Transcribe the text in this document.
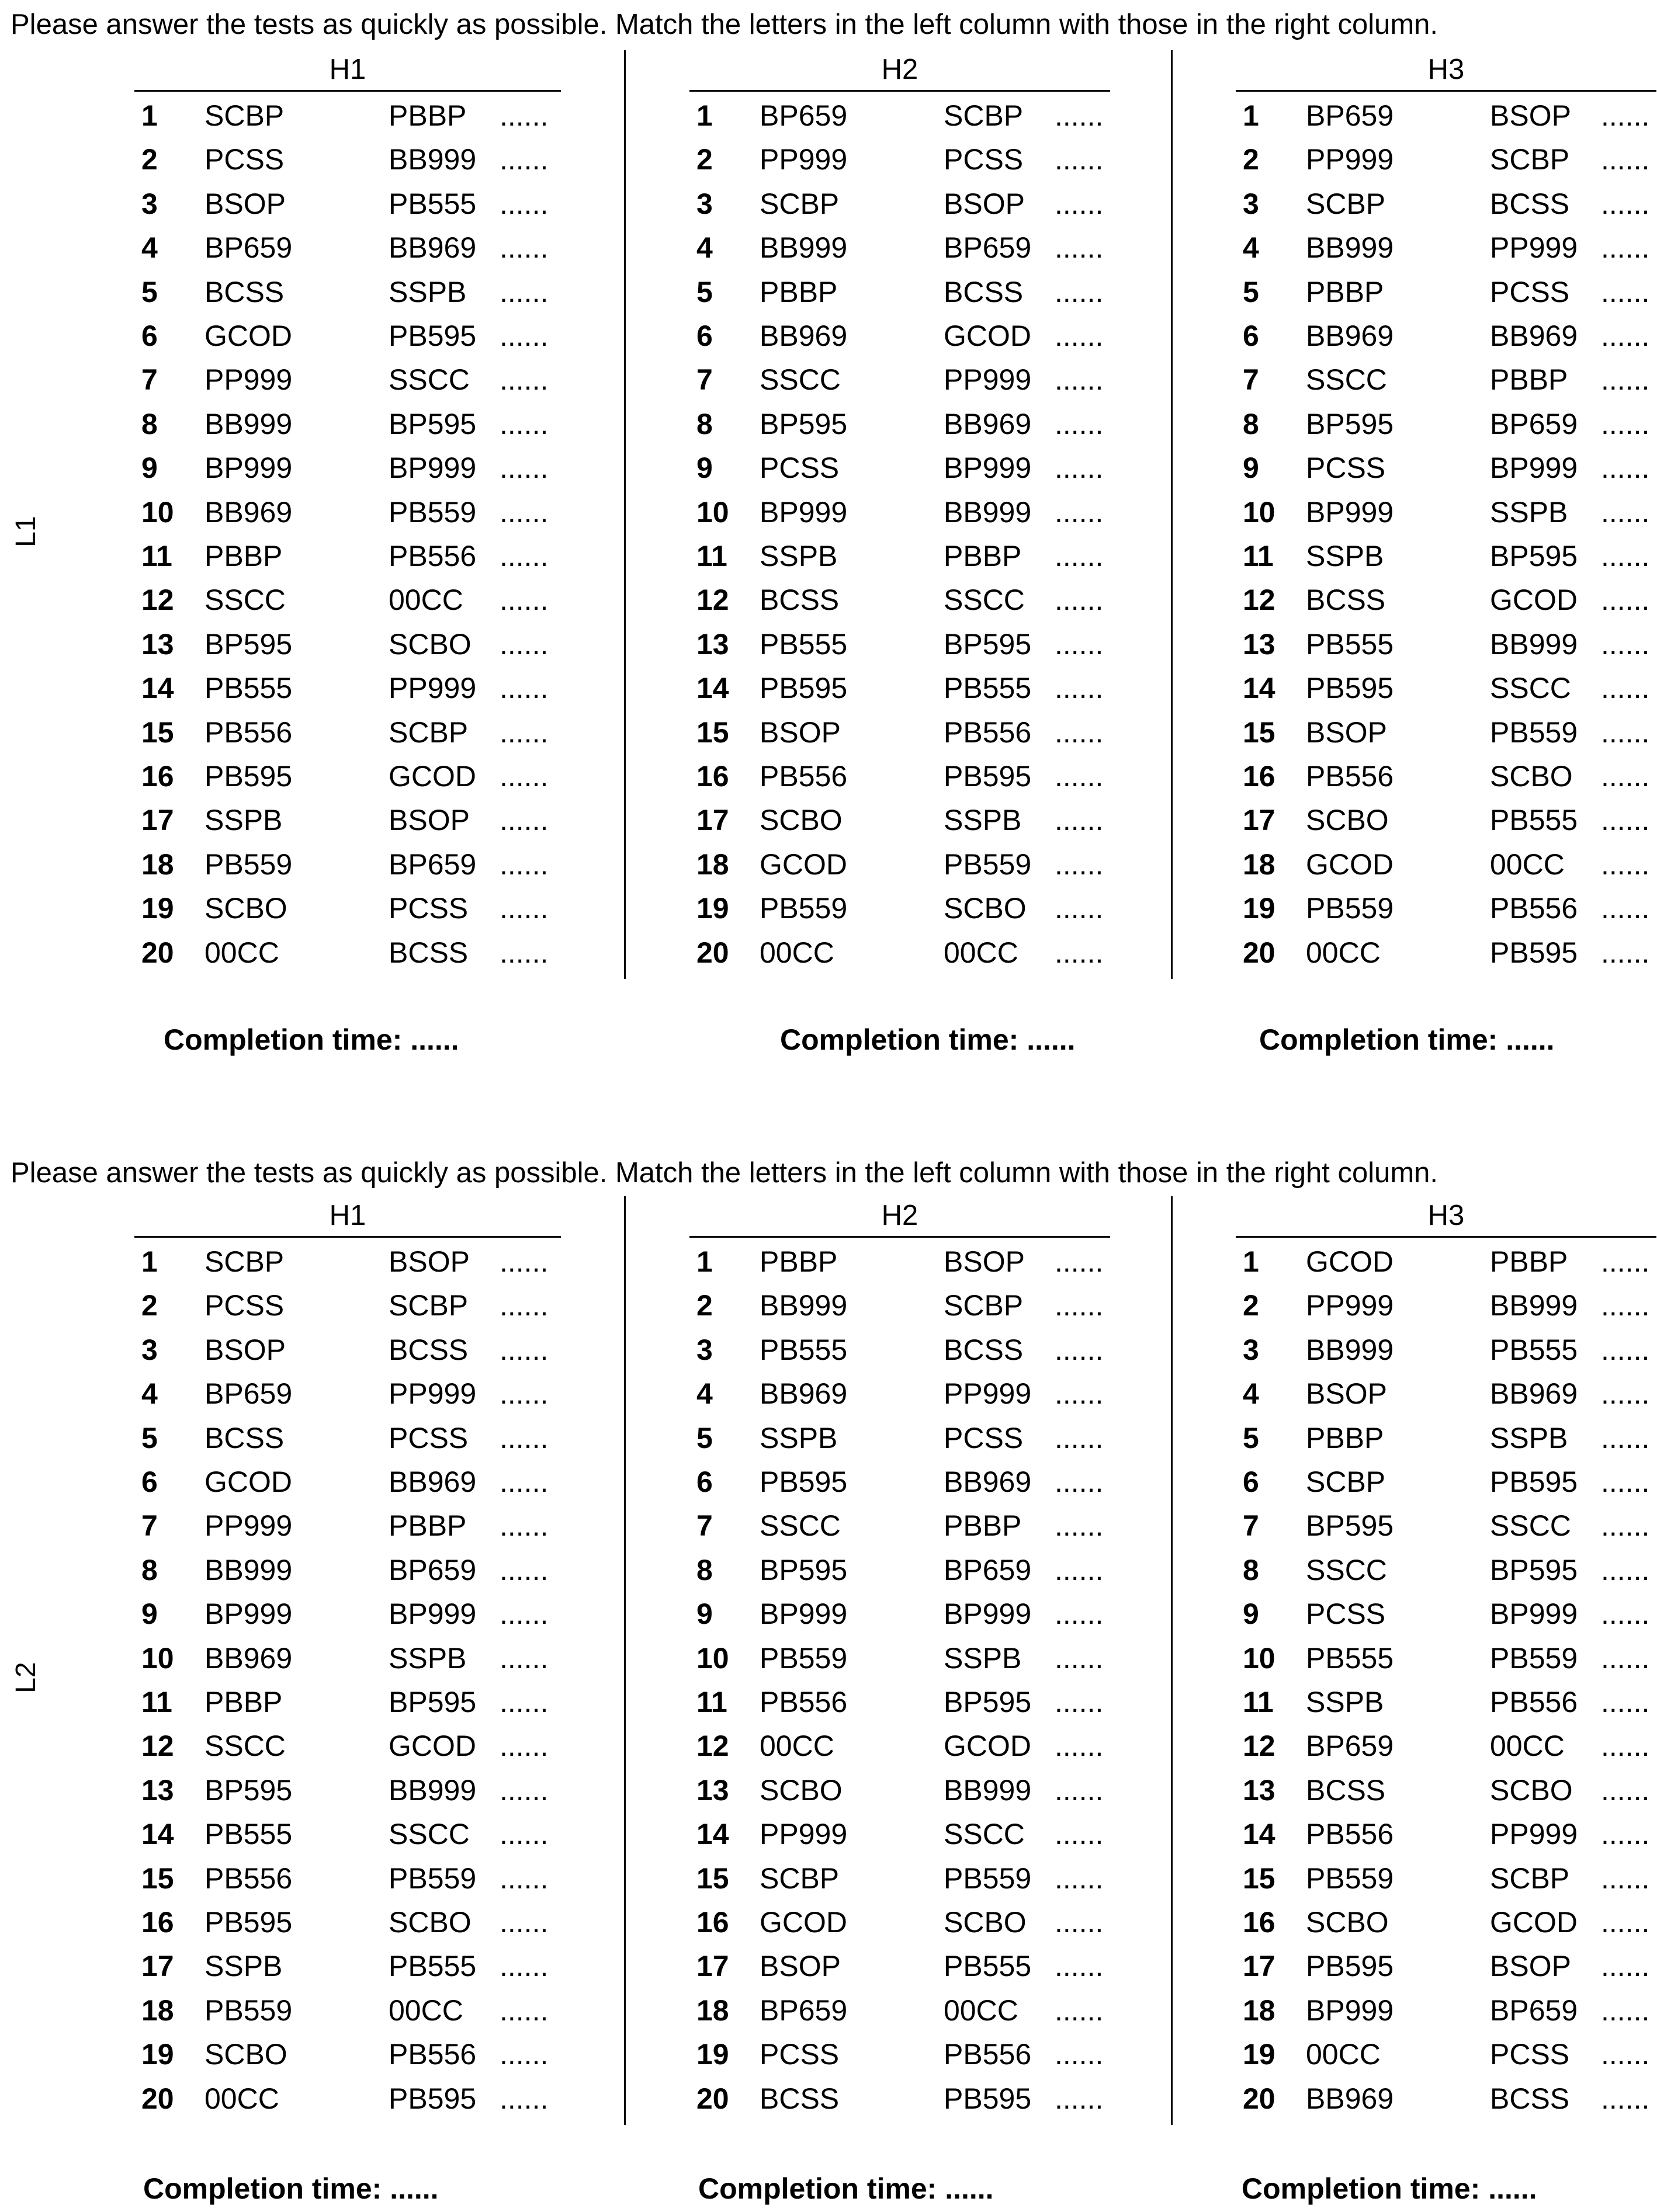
Please answer the tests as quickly as possible. Match the letters in the left column with those in the right column.

L1
H1
1 SCBP	PBBP ......
2 PCSS	BB999 ......
3 BSOP	PB555 ......
4 BP659	BB969 ......
5 BCSS	SSPB ......
6 GCOD	PB595 ......
7 PP999	SSCC ......
8 BB999	BP595 ......
9 BP999	BP999 ......
10 BB969	PB559 ......
11 PBBP	PB556 ......
12 SSCC	00CC ......
13 BP595	SCBO ......
14 PB555	PP999 ......
15 PB556	SCBP ......
16 PB595	GCOD ......
17 SSPB	BSOP ......
18 PB559	BP659 ......
19 SCBO	PCSS ......
20 00CC	BCSS ......
Completion time: ......
H2
1 BP659	SCBP ......
2 PP999	PCSS ......
3 SCBP	BSOP ......
4 BB999	BP659 ......
5 PBBP	BCSS ......
6 BB969	GCOD ......
7 SSCC	PP999 ......
8 BP595	BB969 ......
9 PCSS	BP999 ......
10 BP999	BB999 ......
11 SSPB	PBBP ......
12 BCSS	SSCC ......
13 PB555	BP595 ......
14 PB595	PB555 ......
15 BSOP	PB556 ......
16 PB556	PB595 ......
17 SCBO	SSPB ......
18 GCOD	PB559 ......
19 PB559	SCBO ......
20 00CC	00CC ......
Completion time: ......
H3
1 BP659	BSOP ......
2 PP999	SCBP ......
3 SCBP	BCSS ......
4 BB999	PP999 ......
5 PBBP	PCSS ......
6 BB969	BB969 ......
7 SSCC	PBBP ......
8 BP595	BP659 ......
9 PCSS	BP999 ......
10 BP999	SSPB ......
11 SSPB	BP595 ......
12 BCSS	GCOD ......
13 PB555	BB999 ......
14 PB595	SSCC ......
15 BSOP	PB559 ......
16 PB556	SCBO ......
17 SCBO	PB555 ......
18 GCOD	00CC ......
19 PB559	PB556 ......
20 00CC	PB595 ......
Completion time: ......

Please answer the tests as quickly as possible. Match the letters in the left column with those in the right column.

L2
H1
1 SCBP	BSOP ......
2 PCSS	SCBP ......
3 BSOP	BCSS ......
4 BP659	PP999 ......
5 BCSS	PCSS ......
6 GCOD	BB969 ......
7 PP999	PBBP ......
8 BB999	BP659 ......
9 BP999	BP999 ......
10 BB969	SSPB ......
11 PBBP	BP595 ......
12 SSCC	GCOD ......
13 BP595	BB999 ......
14 PB555	SSCC ......
15 PB556	PB559 ......
16 PB595	SCBO ......
17 SSPB	PB555 ......
18 PB559	00CC ......
19 SCBO	PB556 ......
20 00CC	PB595 ......
Completion time: ......
H2
1 PBBP	BSOP ......
2 BB999	SCBP ......
3 PB555	BCSS ......
4 BB969	PP999 ......
5 SSPB	PCSS ......
6 PB595	BB969 ......
7 SSCC	PBBP ......
8 BP595	BP659 ......
9 BP999	BP999 ......
10 PB559	SSPB ......
11 PB556	BP595 ......
12 00CC	GCOD ......
13 SCBO	BB999 ......
14 PP999	SSCC ......
15 SCBP	PB559 ......
16 GCOD	SCBO ......
17 BSOP	PB555 ......
18 BP659	00CC ......
19 PCSS	PB556 ......
20 BCSS	PB595 ......
Completion time: ......
H3
1 GCOD	PBBP ......
2 PP999	BB999 ......
3 BB999	PB555 ......
4 BSOP	BB969 ......
5 PBBP	SSPB ......
6 SCBP	PB595 ......
7 BP595	SSCC ......
8 SSCC	BP595 ......
9 PCSS	BP999 ......
10 PB555	PB559 ......
11 SSPB	PB556 ......
12 BP659	00CC ......
13 BCSS	SCBO ......
14 PB556	PP999 ......
15 PB559	SCBP ......
16 SCBO	GCOD ......
17 PB595	BSOP ......
18 BP999	BP659 ......
19 00CC	PCSS ......
20 BB969	BCSS ......
Completion time: ......
